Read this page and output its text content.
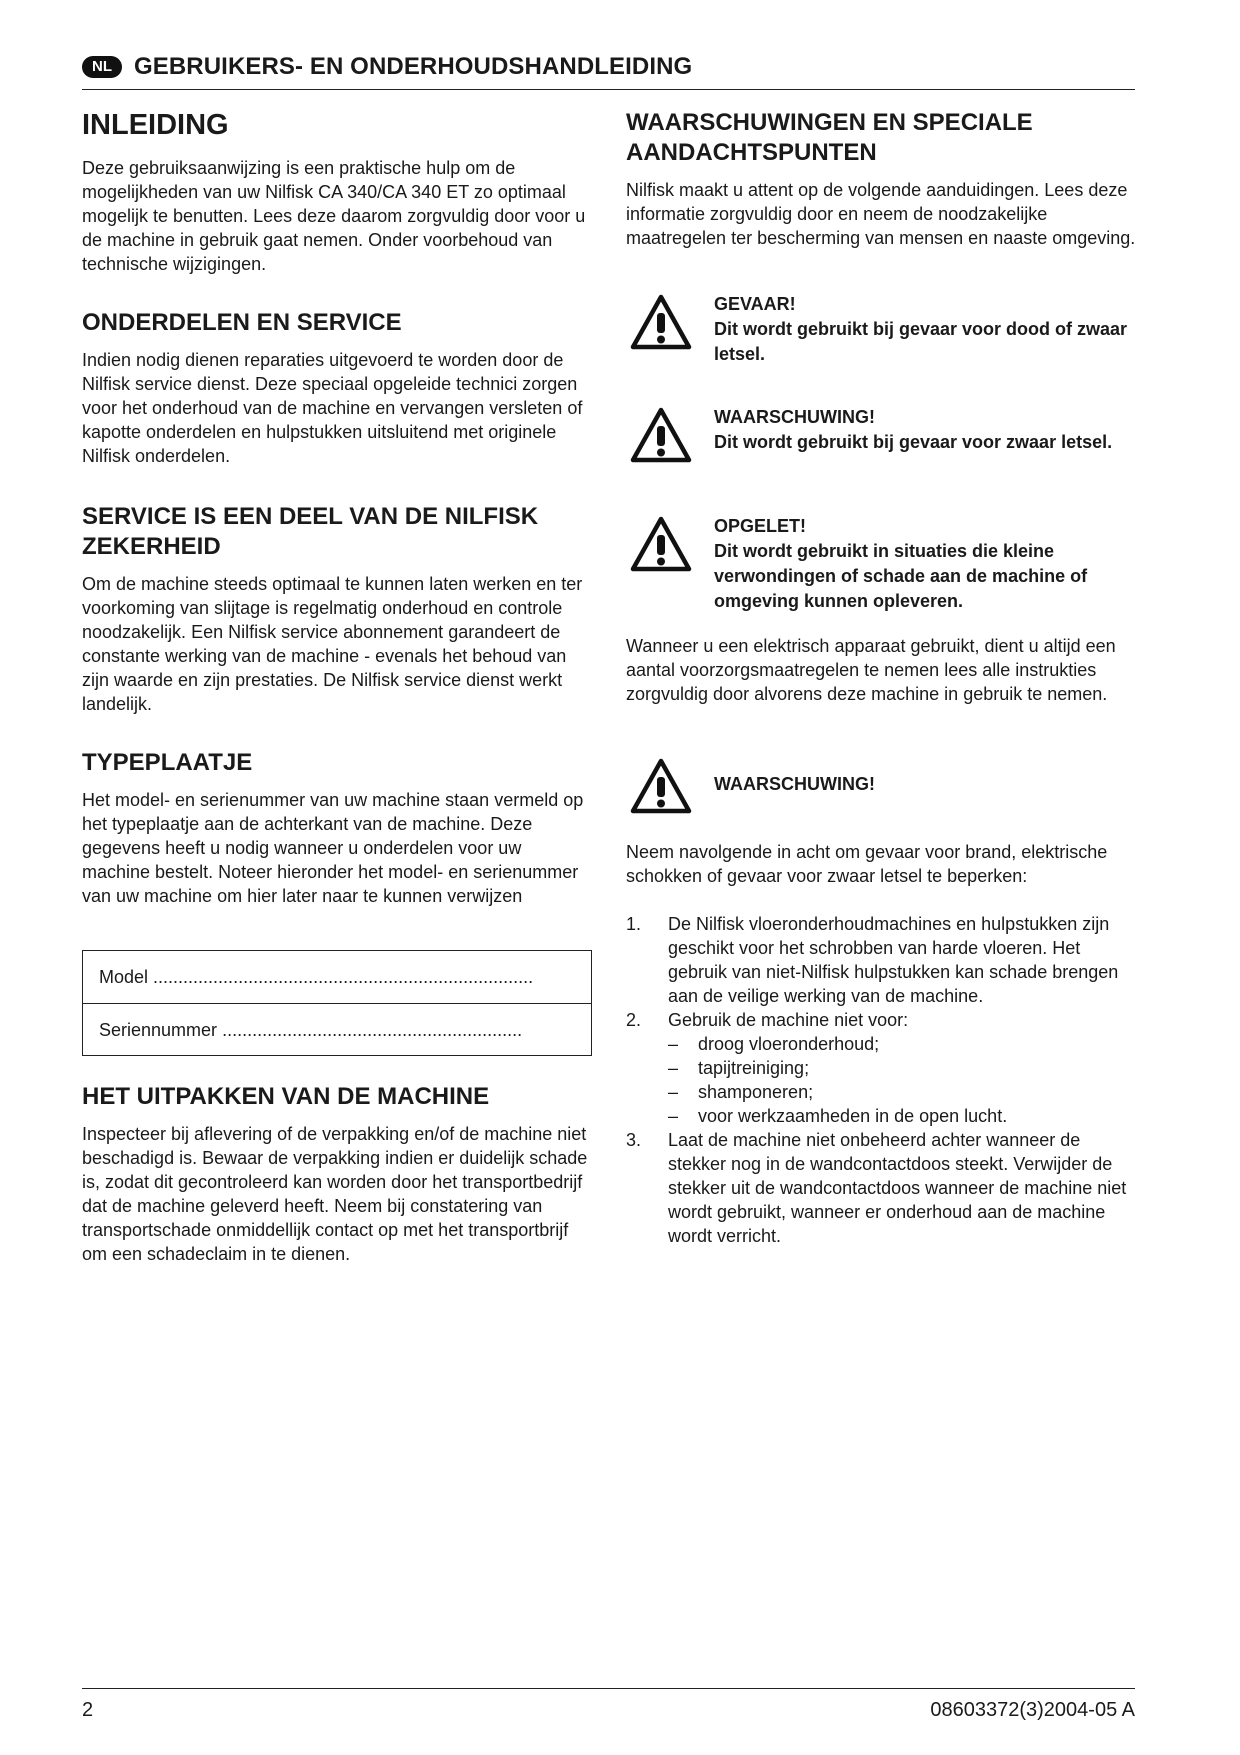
NL GEBRUIKERS- EN ONDERHOUDSHANDLEIDING
INLEIDING

Deze gebruiksaanwijzing is een praktische hulp om de mogelijkheden van uw Nilfisk CA 340/CA 340 ET zo optimaal mogelijk te benutten. Lees deze daarom zorgvuldig door voor u de machine in gebruik gaat nemen. Onder voorbehoud van technische wijzigingen.

ONDERDELEN EN SERVICE

Indien nodig dienen reparaties uitgevoerd te worden door de Nilfisk service dienst. Deze speciaal opgeleide technici zorgen voor het onderhoud van de machine en vervangen versleten of kapotte onderdelen en hulpstukken uitsluitend met originele Nilfisk onderdelen.

SERVICE IS EEN DEEL VAN DE NILFISK ZEKERHEID

Om de machine steeds optimaal te kunnen laten werken en ter voorkoming van slijtage is regelmatig onderhoud en controle noodzakelijk. Een Nilfisk service abonnement garandeert de constante werking van de machine - evenals het behoud van zijn waarde en zijn prestaties. De Nilfisk service dienst werkt landelijk.

TYPEPLAATJE

Het model- en serienummer van uw machine staan vermeld op het typeplaatje aan de achterkant van de machine. Deze gegevens heeft u nodig wanneer u onderdelen voor uw machine bestelt. Noteer hieronder het model- en serienummer van uw machine om hier later naar te kunnen verwijzen

Model ............................................................................
Seriennummer ............................................................
HET UITPAKKEN VAN DE MACHINE

Inspecteer bij aflevering of de verpakking en/of de machine niet beschadigd is. Bewaar de verpakking indien er duidelijk schade is, zodat dit gecontroleerd kan worden door het transportbedrijf dat de machine geleverd heeft. Neem bij constatering van transportschade onmiddellijk contact op met het transportbrijf om een schadeclaim in te dienen.

WAARSCHUWINGEN EN SPECIALE AANDACHTSPUNTEN

Nilfisk maakt u attent op de volgende aanduidingen. Lees deze informatie zorgvuldig door en neem de noodzakelijke maatregelen ter bescherming van mensen en naaste omgeving.

GEVAAR!
Dit wordt gebruikt bij gevaar voor dood of zwaar letsel.
WAARSCHUWING!
Dit wordt gebruikt bij gevaar voor zwaar letsel.
OPGELET!
Dit wordt gebruikt in situaties die kleine verwondingen of schade aan de machine of omgeving kunnen opleveren.

Wanneer u een elektrisch apparaat gebruikt, dient u altijd een aantal voorzorgsmaatregelen te nemen lees alle instrukties zorgvuldig door alvorens deze machine in gebruik te nemen.

WAARSCHUWING!

Neem navolgende in acht om gevaar voor brand, elektrische schokken of gevaar voor zwaar letsel te beperken:

1. De Nilfisk vloeronderhoudmachines en hulpstukken zijn geschikt voor het schrobben van harde vloeren. Het gebruik van niet-Nilfisk hulpstukken kan schade brengen aan de veilige werking van de machine.
2. Gebruik de machine niet voor:
– droog vloeronderhoud;
– tapijtreiniging;
– shamponeren;
– voor werkzaamheden in de open lucht.
3. Laat de machine niet onbeheerd achter wanneer de stekker nog in de wandcontactdoos steekt. Verwijder de stekker uit de wandcontactdoos wanneer de machine niet wordt gebruikt, wanneer er onderhoud aan de machine wordt verricht.
2	08603372(3)2004-05 A
